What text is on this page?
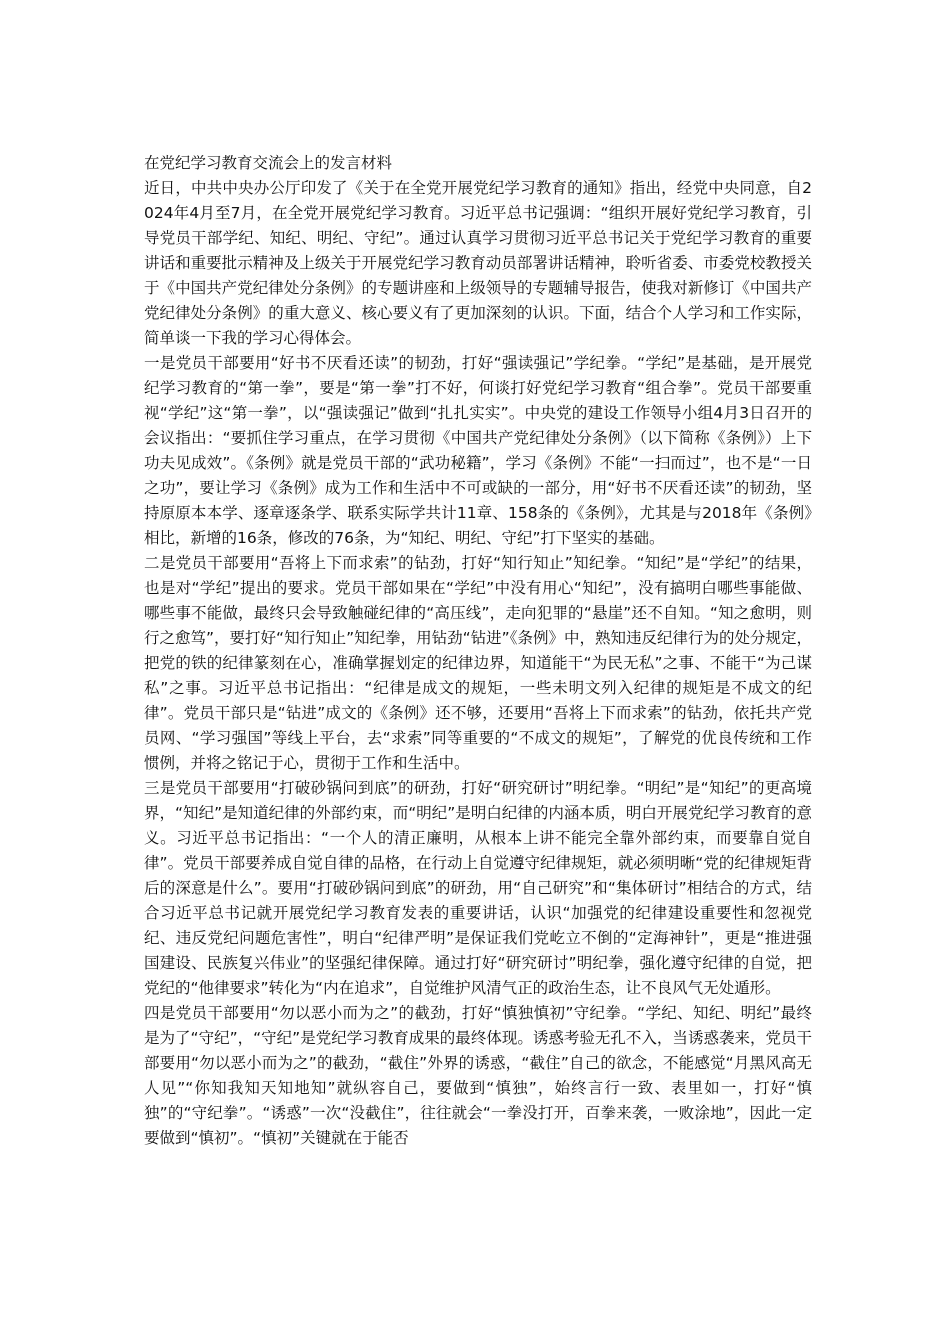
在党纪学习教育交流会上的发言材料

近日，中共中央办公厅印发了《关于在全党开展党纪学习教育的通知》指出，经党中央同意，自2024年4月至7月，在全党开展党纪学习教育。习近平总书记强调：“组织开展好党纪学习教育，引导党员干部学纪、知纪、明纪、守纪”。通过认真学习贯彻习近平总书记关于党纪学习教育的重要讲话和重要批示精神及上级关于开展党纪学习教育动员部署讲话精神，聆听省委、市委党校教授关于《中国共产党纪律处分条例》的专题讲座和上级领导的专题辅导报告，使我对新修订《中国共产党纪律处分条例》的重大意义、核心要义有了更加深刻的认识。下面，结合个人学习和工作实际，简单谈一下我的学习心得体会。

一是党员干部要用“好书不厌看还读”的韧劲，打好“强读强记”学纪拳。“学纪”是基础，是开展党纪学习教育的“第一拳”，要是“第一拳”打不好，何谈打好党纪学习教育“组合拳”。党员干部要重视“学纪”这“第一拳”，以“强读强记”做到“扎扎实实”。中央党的建设工作领导小组4月3日召开的会议指出：“要抓住学习重点，在学习贯彻《中国共产党纪律处分条例》（以下简称《条例》）上下功夫见成效”。《条例》就是党员干部的“武功秘籍”，学习《条例》不能“一扫而过”，也不是“一日之功”，要让学习《条例》成为工作和生活中不可或缺的一部分，用“好书不厌看还读”的韧劲，坚持原原本本学、逐章逐条学、联系实际学共计11章、158条的《条例》，尤其是与2018年《条例》相比，新增的16条，修改的76条，为“知纪、明纪、守纪”打下坚实的基础。

二是党员干部要用“吾将上下而求索”的钻劲，打好“知行知止”知纪拳。“知纪”是“学纪”的结果，也是对“学纪”提出的要求。党员干部如果在“学纪”中没有用心“知纪”，没有搞明白哪些事能做、哪些事不能做，最终只会导致触碰纪律的“高压线”，走向犯罪的“悬崖”还不自知。“知之愈明，则行之愈笃”，要打好“知行知止”知纪拳，用钻劲“钻进”《条例》中，熟知违反纪律行为的处分规定，把党的铁的纪律篆刻在心，准确掌握划定的纪律边界，知道能干“为民无私”之事、不能干“为己谋私”之事。习近平总书记指出：“纪律是成文的规矩，一些未明文列入纪律的规矩是不成文的纪律”。党员干部只是“钻进”成文的《条例》还不够，还要用“吾将上下而求索”的钻劲，依托共产党员网、“学习强国”等线上平台，去“求索”同等重要的“不成文的规矩”，了解党的优良传统和工作惯例，并将之铭记于心，贯彻于工作和生活中。

三是党员干部要用“打破砂锅问到底”的研劲，打好“研究研讨”明纪拳。“明纪”是“知纪”的更高境界，“知纪”是知道纪律的外部约束，而“明纪”是明白纪律的内涵本质，明白开展党纪学习教育的意义。习近平总书记指出：“一个人的清正廉明，从根本上讲不能完全靠外部约束，而要靠自觉自律”。党员干部要养成自觉自律的品格，在行动上自觉遵守纪律规矩，就必须明晰“党的纪律规矩背后的深意是什么”。要用“打破砂锅问到底”的研劲，用“自己研究”和“集体研讨”相结合的方式，结合习近平总书记就开展党纪学习教育发表的重要讲话，认识“加强党的纪律建设重要性和忽视党纪、违反党纪问题危害性”，明白“纪律严明”是保证我们党屹立不倒的“定海神针”，更是“推进强国建设、民族复兴伟业”的坚强纪律保障。通过打好“研究研讨”明纪拳，强化遵守纪律的自觉，把党纪的“他律要求”转化为“内在追求”，自觉维护风清气正的政治生态，让不良风气无处遁形。

四是党员干部要用“勿以恶小而为之”的截劲，打好“慎独慎初”守纪拳。“学纪、知纪、明纪”最终是为了“守纪”，“守纪”是党纪学习教育成果的最终体现。诱惑考验无孔不入，当诱惑袭来，党员干部要用“勿以恶小而为之”的截劲，“截住”外界的诱惑，“截住”自己的欲念，不能感觉“月黑风高无人见”“你知我知天知地知”就纵容自己，要做到“慎独”，始终言行一致、表里如一，打好“慎独”的“守纪拳”。“诱惑”一次“没截住”，往往就会“一拳没打开，百拳来袭，一败涂地”，因此一定要做到“慎初”。“慎初”关键就在于能否
